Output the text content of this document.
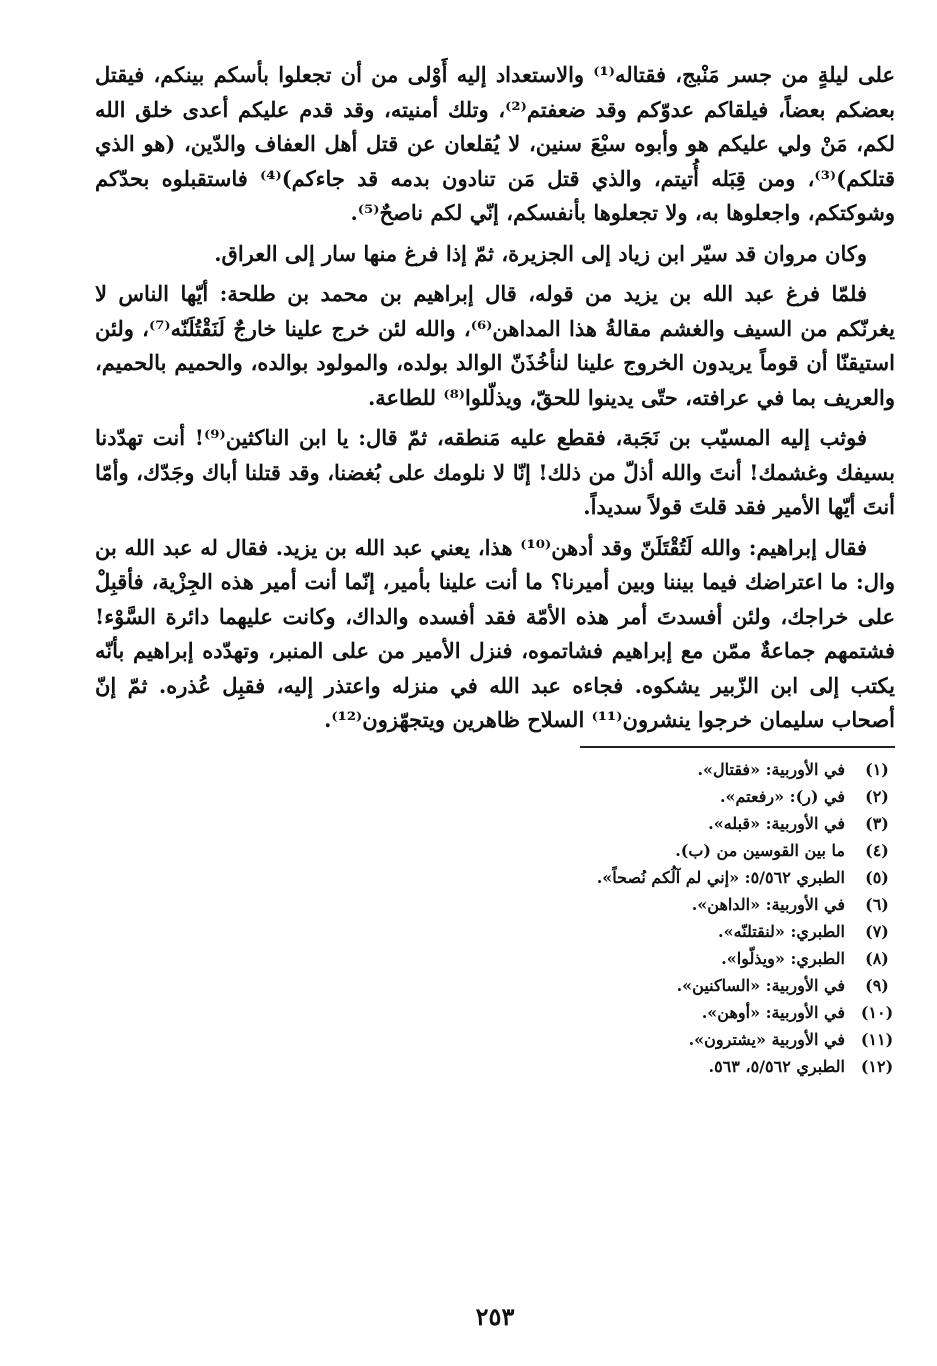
على ليلةٍ من جسر مَنْبج، فقتاله⁽¹⁾ والاستعداد إليه أَوْلى من أن تجعلوا بأسكم بينكم، فيقتل بعضكم بعضاً، فيلقاكم عدوّكم وقد ضعفتم⁽²⁾، وتلك أمنيته، وقد قدم عليكم أعدى خلق الله لكم، مَنْ ولي عليكم هو وأبوه سبْعَ سنين، لا يُقلعان عن قتل أهل العفاف والدّين، (هو الذي قتلكم)⁽³⁾، ومن قِبَله أُتيتم، والذي قتل مَن تنادون بدمه قد جاءكم)⁽⁴⁾ فاستقبلوه بحدّكم وشوكتكم، واجعلوها به، ولا تجعلوها بأنفسكم، إنّي لكم ناصحٌ⁽⁵⁾.

وكان مروان قد سيّر ابن زياد إلى الجزيرة، ثمّ إذا فرغ منها سار إلى العراق.

فلمّا فرغ عبد الله بن يزيد من قوله، قال إبراهيم بن محمد بن طلحة: أيّها الناس لا يغرنّكم من السيف والغشم مقالةُ هذا المداهن⁽⁶⁾، والله لئن خرج علينا خارجٌ لَنَقْتُلَنّه⁽⁷⁾، ولئن استيقنّا أن قوماً يريدون الخروج علينا لنأخُذَنّ الوالد بولده، والمولود بوالده، والحميم بالحميم، والعريف بما في عرافته، حتّى يدينوا للحقّ، ويذلّلوا⁽⁸⁾ للطاعة.

فوثب إليه المسيّب بن نَجَبة، فقطع عليه مَنطقه، ثمّ قال: يا ابن الناكثين⁽⁹⁾! أنت تهدّدنا بسيفك وغشمك! أنتَ والله أذلّ من ذلك! إنّا لا نلومك على بُغضنا، وقد قتلنا أباك وجَدّك، وأمّا أنتَ أيّها الأمير فقد قلتَ قولاً سديداً.

فقال إبراهيم: والله لَتُقْتَلَنّ وقد أدهن⁽¹⁰⁾ هذا، يعني عبد الله بن يزيد. فقال له عبد الله بن وال: ما اعتراضك فيما بيننا وبين أميرنا؟ ما أنت علينا بأمير، إنّما أنت أمير هذه الجِزْية، فأقبِلْ على خراجك، ولئن أفسدتَ أمر هذه الأمّة فقد أفسده والداك، وكانت عليهما دائرة السَّوْء! فشتمهم جماعةٌ ممّن مع إبراهيم فشاتموه، فنزل الأمير من على المنبر، وتهدّده إبراهيم بأنّه يكتب إلى ابن الزّبير يشكوه. فجاءه عبد الله في منزله واعتذر إليه، فقبِل عُذره. ثمّ إنّ أصحاب سليمان خرجوا ينشرون⁽¹¹⁾ السلاح ظاهرين ويتجهّزون⁽¹²⁾.

(١)
في الأوربية: «فقتال».
(٢)
في (ر): «رفعتم».
(٣)
في الأوربية: «قبله».
(٤)
ما بين القوسين من (ب).
(٥)
الطبري ٥/٥٦٢: «إني لم آلُكم نُصحاً».
(٦)
في الأوربية: «الداهن».
(٧)
الطبري: «لنقتلنّه».
(٨)
الطبري: «ويذلّوا».
(٩)
في الأوربية: «الساكنين».
(١٠)
في الأوربية: «أوهن».
(١١)
في الأوربية «يشترون».
(١٢)
الطبري ٥/٥٦٢، ٥٦٣.
٢٥٣
